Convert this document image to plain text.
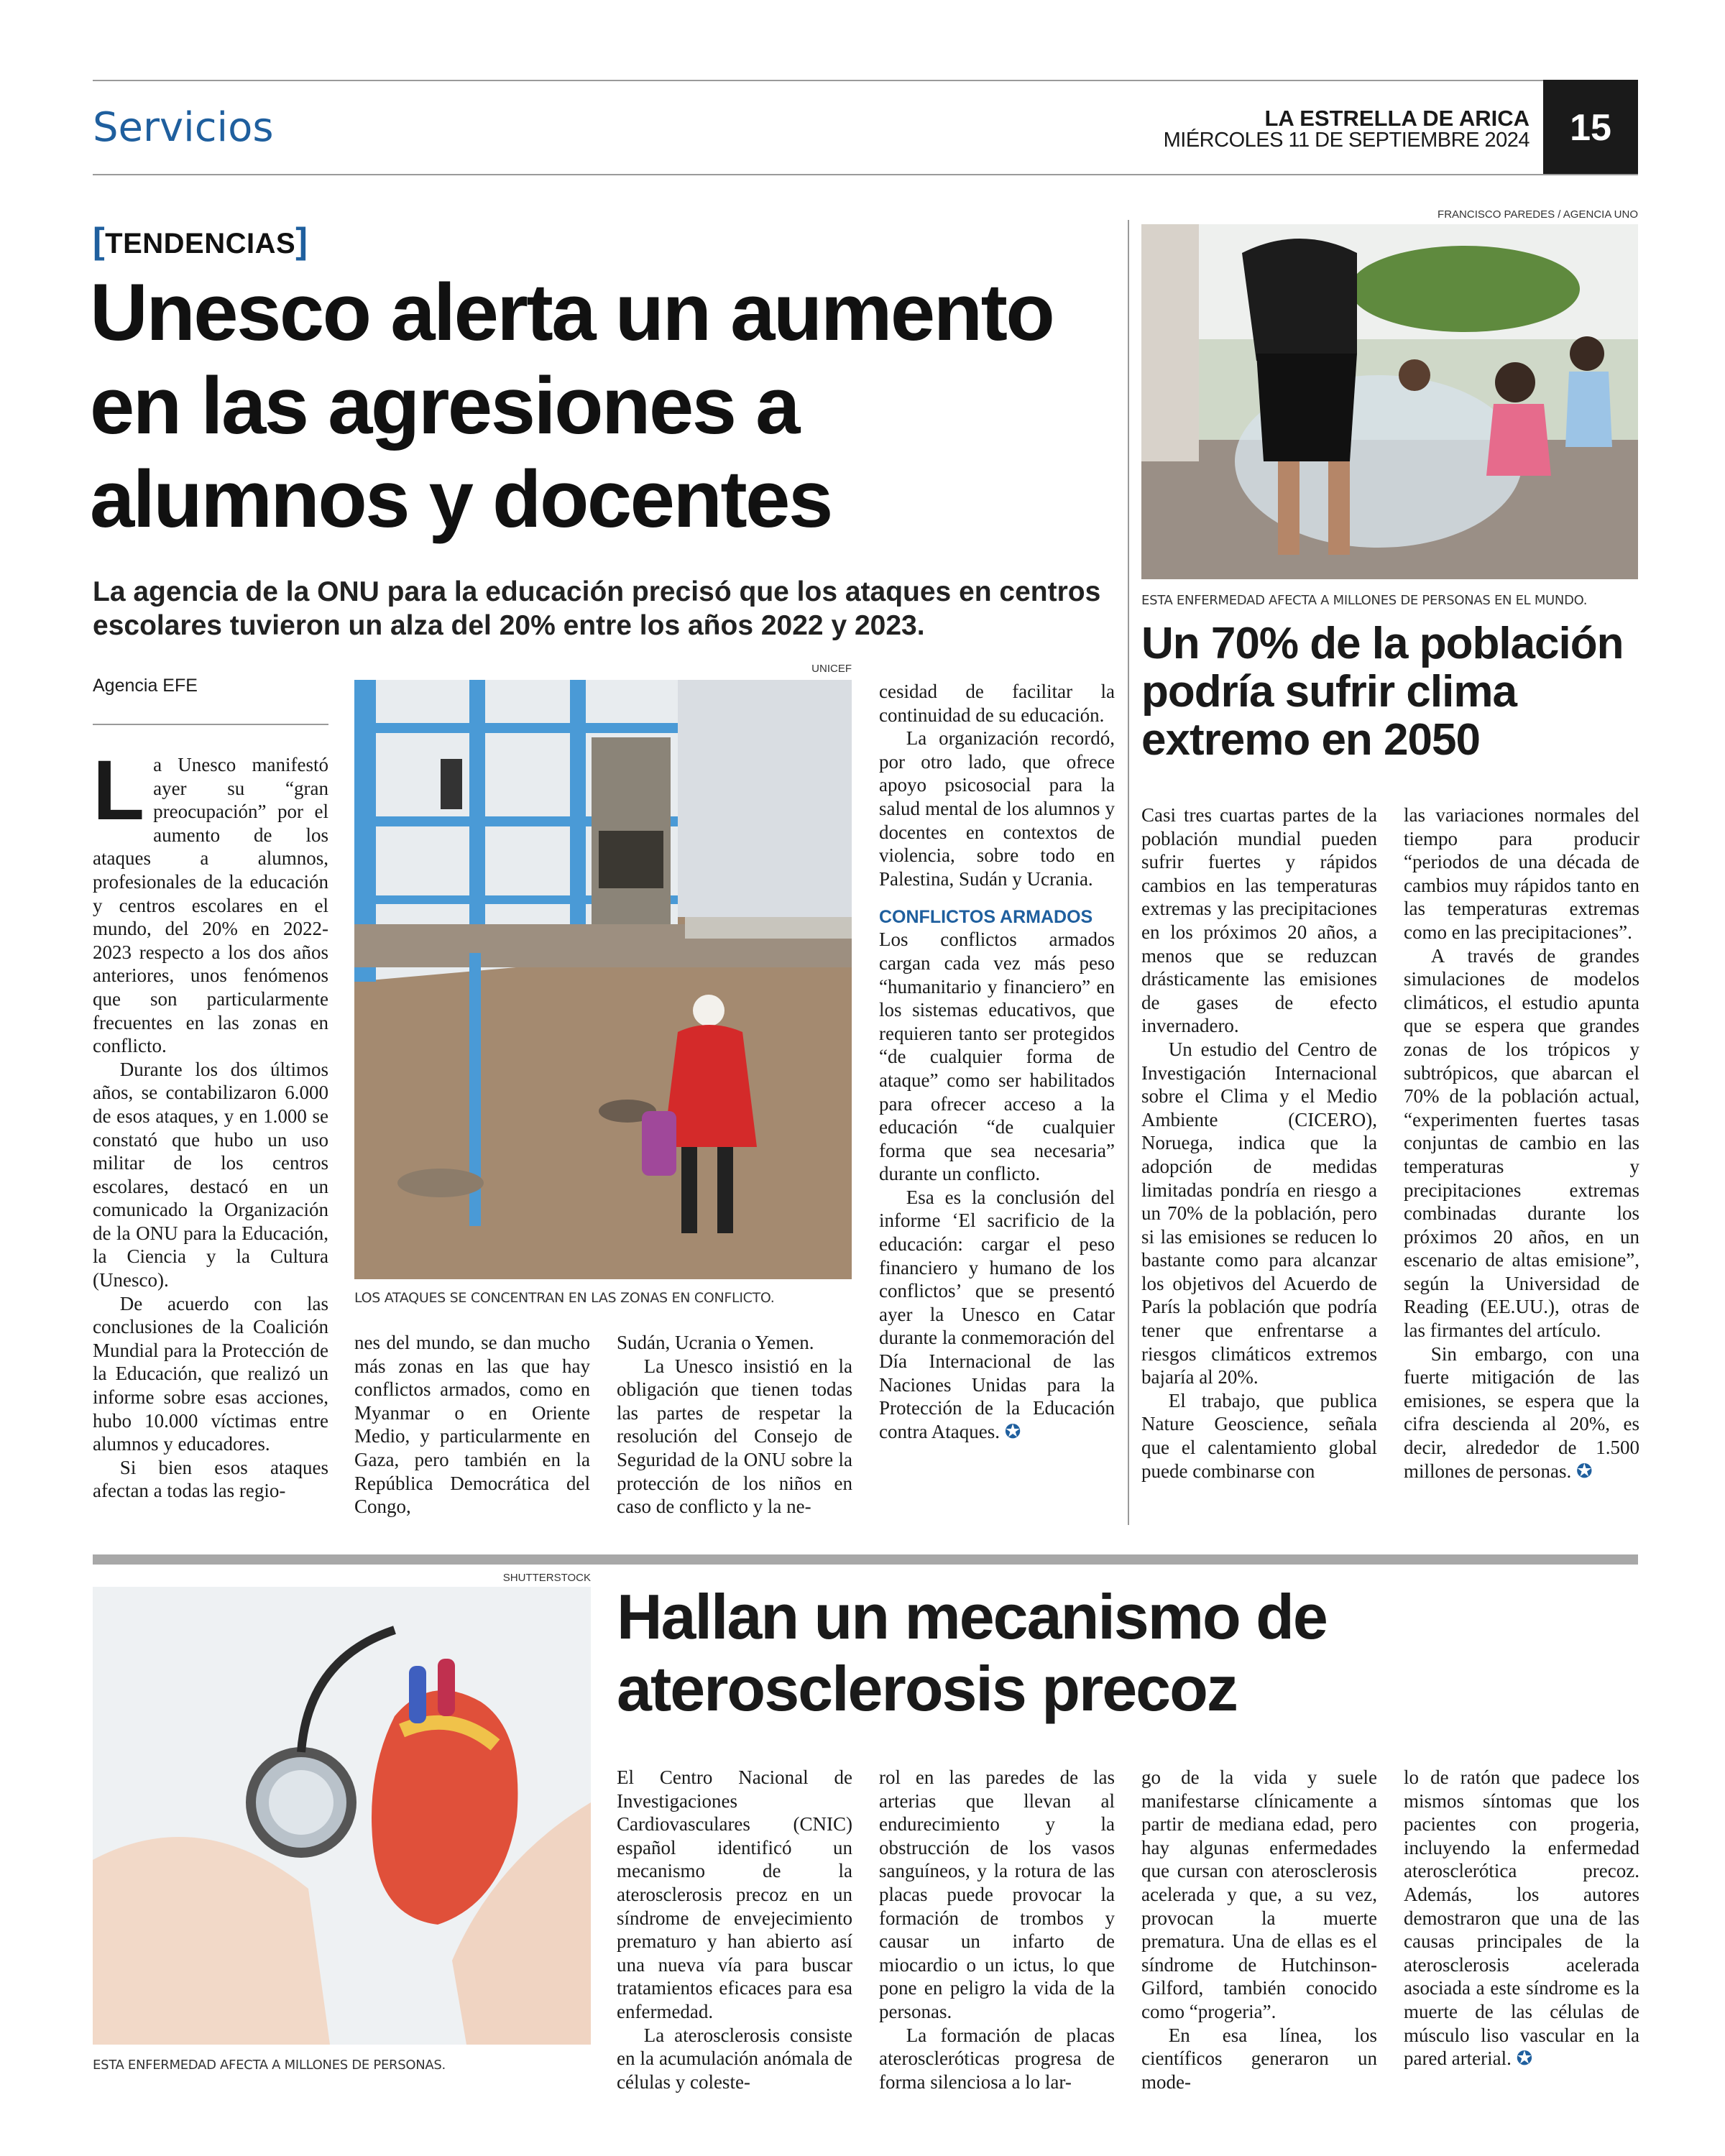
Servicios	LA ESTRELLA DE ARICA
MIÉRCOLES 11 DE SEPTIEMBRE 2024	15
[TENDENCIAS]
Unesco alerta un aumento
en las agresiones a
alumnos y docentes
La agencia de la ONU para la educación precisó que los ataques en centros escolares tuvieron un alza del 20% entre los años 2022 y 2023.
Agencia EFE

La Unesco manifestó ayer su “gran preocupación” por el aumento de los ataques a alumnos, profesionales de la educación y centros escolares en el mundo, del 20% en 2022-2023 respecto a los dos años anteriores, unos fenómenos que son particularmente frecuentes en las zonas en conflicto.

Durante los dos últimos años, se contabilizaron 6.000 de esos ataques, y en 1.000 se constató que hubo un uso militar de los centros escolares, destacó en un comunicado la Organización de la ONU para la Educación, la Ciencia y la Cultura (Unesco).

De acuerdo con las conclusiones de la Coalición Mundial para la Protección de la Educación, que realizó un informe sobre esas acciones, hubo 10.000 víctimas entre alumnos y educadores.

Si bien esos ataques afectan a todas las regio-

UNICEF
LOS ATAQUES SE CONCENTRAN EN LAS ZONAS EN CONFLICTO.

nes del mundo, se dan mucho más zonas en las que hay conflictos armados, como en Myanmar o en Oriente Medio, y particularmente en Gaza, pero también en la República Democrática del Congo,

Sudán, Ucrania o Yemen.

La Unesco insistió en la obligación que tienen todas las partes de respetar la resolución del Consejo de Seguridad de la ONU sobre la protección de los niños en caso de conflicto y la ne-

cesidad de facilitar la continuidad de su educación.

La organización recordó, por otro lado, que ofrece apoyo psicosocial para la salud mental de los alumnos y docentes en contextos de violencia, sobre todo en Palestina, Sudán y Ucrania.

CONFLICTOS ARMADOS

Los conflictos armados cargan cada vez más peso “humanitario y financiero” en los sistemas educativos, que requieren tanto ser protegidos “de cualquier forma de ataque” como ser habilitados para ofrecer acceso a la educación “de cualquier forma que sea necesaria” durante un conflicto.

Esa es la conclusión del informe ‘El sacrificio de la educación: cargar el peso financiero y humano de los conflictos’ que se presentó ayer la Unesco en Catar durante la conmemoración del Día Internacional de las Naciones Unidas para la Protección de la Educación contra Ataques. ✪

FRANCISCO PAREDES / AGENCIA UNO
ESTA ENFERMEDAD AFECTA A MILLONES DE PERSONAS EN EL MUNDO.
Un 70% de la población
podría sufrir clima
extremo en 2050

Casi tres cuartas partes de la población mundial pueden sufrir fuertes y rápidos cambios en las temperaturas extremas y las precipitaciones en los próximos 20 años, a menos que se reduzcan drásticamente las emisiones de gases de efecto invernadero.

Un estudio del Centro de Investigación Internacional sobre el Clima y el Medio Ambiente (CICERO), Noruega, indica que la adopción de medidas limitadas pondría en riesgo a un 70% de la población, pero si las emisiones se reducen lo bastante como para alcanzar los objetivos del Acuerdo de París la población que podría tener que enfrentarse a riesgos climáticos extremos bajaría al 20%.

El trabajo, que publica Nature Geoscience, señala que el calentamiento global puede combinarse con

las variaciones normales del tiempo para producir “periodos de una década de cambios muy rápidos tanto en las temperaturas extremas como en las precipitaciones”.

A través de grandes simulaciones de modelos climáticos, el estudio apunta que se espera que grandes zonas de los trópicos y subtrópicos, que abarcan el 70% de la población actual, “experimenten fuertes tasas conjuntas de cambio en las temperaturas y precipitaciones extremas combinadas durante los próximos 20 años, en un escenario de altas emisione”, según la Universidad de Reading (EE.UU.), otras de las firmantes del artículo.

Sin embargo, con una fuerte mitigación de las emisiones, se espera que la cifra descienda al 20%, es decir, alrededor de 1.500 millones de personas. ✪

SHUTTERSTOCK
ESTA ENFERMEDAD AFECTA A MILLONES DE PERSONAS.
Hallan un mecanismo de
aterosclerosis precoz

El Centro Nacional de Investigaciones Cardiovasculares (CNIC) español identificó un mecanismo de la aterosclerosis precoz en un síndrome de envejecimiento prematuro y han abierto así una nueva vía para buscar tratamientos eficaces para esa enfermedad.

La aterosclerosis consiste en la acumulación anómala de células y coleste-

rol en las paredes de las arterias que llevan al endurecimiento y la obstrucción de los vasos sanguíneos, y la rotura de las placas puede provocar la formación de trombos y causar un infarto de miocardio o un ictus, lo que pone en peligro la vida de la personas.

La formación de placas ateroscleróticas progresa de forma silenciosa a lo lar-

go de la vida y suele manifestarse clínicamente a partir de mediana edad, pero hay algunas enfermedades que cursan con aterosclerosis acelerada y que, a su vez, provocan la muerte prematura. Una de ellas es el síndrome de Hutchinson-Gilford, también conocido como “progeria”.

En esa línea, los científicos generaron un mode-

lo de ratón que padece los mismos síntomas que los pacientes con progeria, incluyendo la enfermedad aterosclerótica precoz. Además, los autores demostraron que una de las causas principales de la aterosclerosis acelerada asociada a este síndrome es la muerte de las células de músculo liso vascular en la pared arterial. ✪
